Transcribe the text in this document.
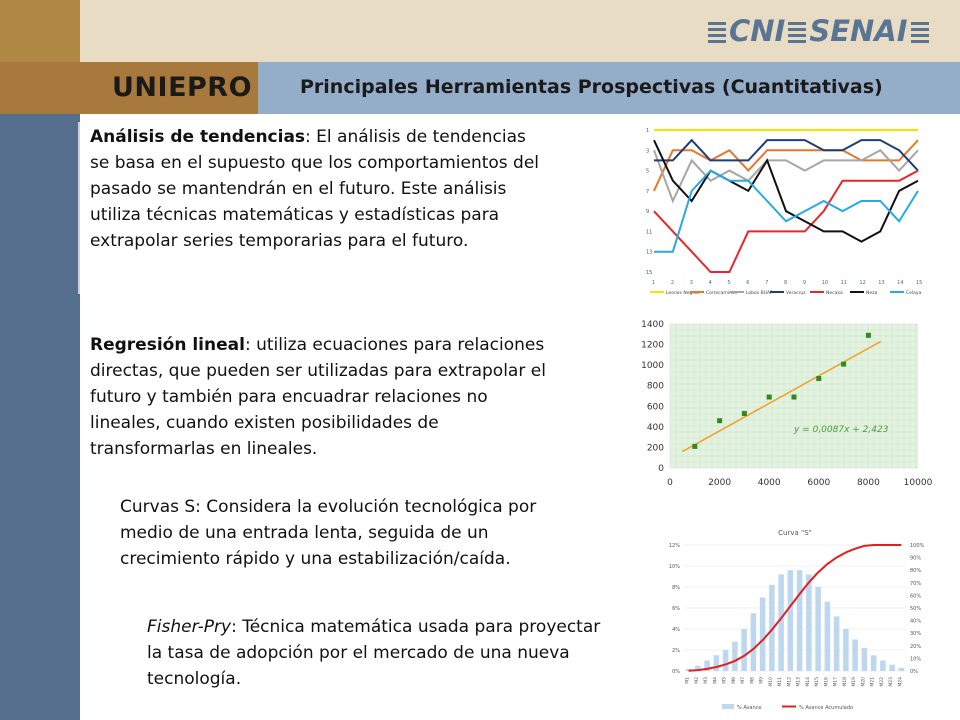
UNIEPRO	Principales Herramientas Prospectivas (Cuantitativas)
CNI SENAI
Análisis de tendencias: El análisis de tendencias se basa en el supuesto que los comportamientos del pasado se mantendrán en el futuro. Este análisis utiliza técnicas matemáticas y estadísticas para extrapolar series temporarias para el futuro.
Regresión lineal: utiliza ecuaciones para relaciones directas, que pueden ser utilizadas para extrapolar el futuro y también para encuadrar relaciones no lineales, cuando existen posibilidades de transformarlas en lineales.
Curvas S: Considera la evolución tecnológica por medio de una entrada lenta, seguida de un crecimiento rápido y una estabilización/caída.
Fisher-Pry: Técnica matemática usada para proyectar la tasa de adopción por el mercado de una nueva tecnología.
1
3
5
7
9
11
13
15
1	2	3	4	5	6	7	8	9	10 11 12 13 14 15
Leones Negros Correcaminos Lobos BUAP	Veracruz	Necaxa	Neza	Celaya
0
200
400
600
800
1000
1200
1400
0	2000	4000	6000	8000	10000
y = 0,0087x + 2,423
Curva "S"
0%
2%
4%
6%
8%
10%
12%
0%
10%
20%
30%
40%
50%
60%
70%
80%
90%
100%
M1 M2 M3 M4 M5 M6 M7 M8 M9 M10 M11 M12 M13 M14 M15 M16 M17 M18 M19 M20 M21 M22 M23 M24
% Avance	% Avance Acumulado
